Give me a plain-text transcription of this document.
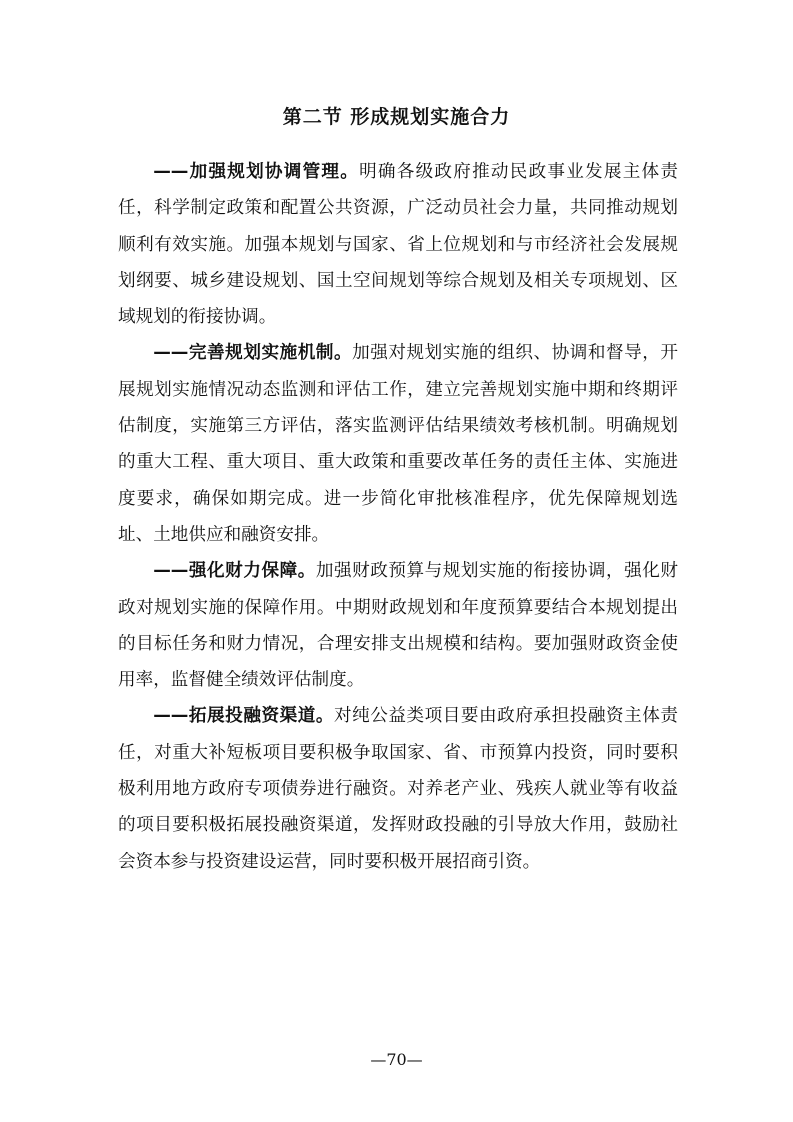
第二节 形成规划实施合力

——加强规划协调管理。明确各级政府推动民政事业发展主体责任，科学制定政策和配置公共资源，广泛动员社会力量，共同推动规划顺利有效实施。加强本规划与国家、省上位规划和与市经济社会发展规划纲要、城乡建设规划、国土空间规划等综合规划及相关专项规划、区域规划的衔接协调。

——完善规划实施机制。加强对规划实施的组织、协调和督导，开展规划实施情况动态监测和评估工作，建立完善规划实施中期和终期评估制度，实施第三方评估，落实监测评估结果绩效考核机制。明确规划的重大工程、重大项目、重大政策和重要改革任务的责任主体、实施进度要求，确保如期完成。进一步简化审批核准程序，优先保障规划选址、土地供应和融资安排。

——强化财力保障。加强财政预算与规划实施的衔接协调，强化财政对规划实施的保障作用。中期财政规划和年度预算要结合本规划提出的目标任务和财力情况，合理安排支出规模和结构。要加强财政资金使用率，监督健全绩效评估制度。

——拓展投融资渠道。对纯公益类项目要由政府承担投融资主体责任，对重大补短板项目要积极争取国家、省、市预算内投资，同时要积极利用地方政府专项债券进行融资。对养老产业、残疾人就业等有收益的项目要积极拓展投融资渠道，发挥财政投融的引导放大作用，鼓励社会资本参与投资建设运营，同时要积极开展招商引资。

—70—
